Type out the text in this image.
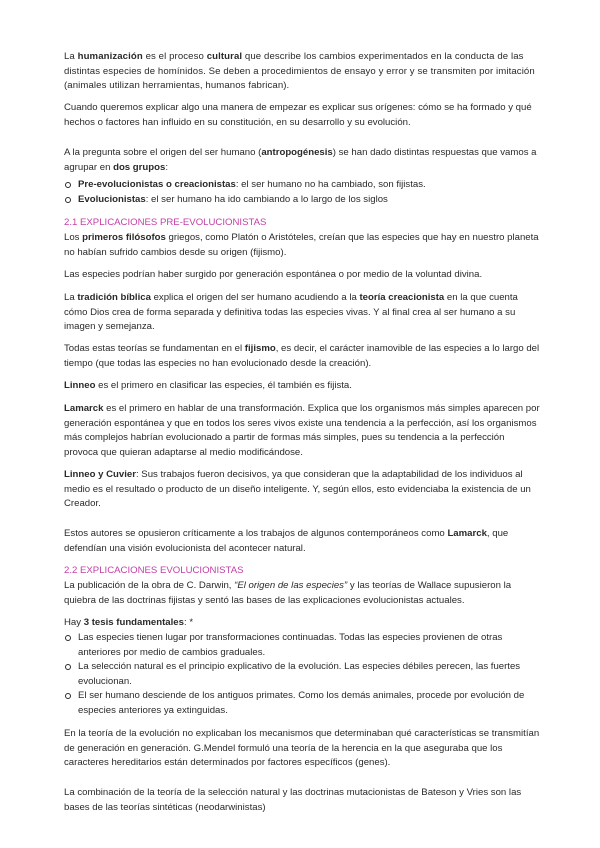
La humanización es el proceso cultural que describe los cambios experimentados en la conducta de las distintas especies de homínidos. Se deben a procedimientos de ensayo y error y se transmiten por imitación (animales utilizan herramientas, humanos fabrican).

Cuando queremos explicar algo una manera de empezar es explicar sus orígenes: cómo se ha formado y qué hechos o factores han influido en su constitución, en su desarrollo y su evolución.

A la pregunta sobre el origen del ser humano (antropogénesis) se han dado distintas respuestas que vamos a agrupar en dos grupos:

Pre-evolucionistas o creacionistas: el ser humano no ha cambiado, son fijistas.
Evolucionistas: el ser humano ha ido cambiando a lo largo de los siglos

2.1 EXPLICACIONES PRE-EVOLUCIONISTAS

Los primeros filósofos griegos, como Platón o Aristóteles, creían que las especies que hay en nuestro planeta no habían sufrido cambios desde su origen (fijismo).

Las especies podrían haber surgido por generación espontánea o por medio de la voluntad divina.

La tradición bíblica explica el origen del ser humano acudiendo a la teoría creacionista en la que cuenta cómo Dios crea de forma separada y definitiva todas las especies vivas. Y al final crea al ser humano a su imagen y semejanza.

Todas estas teorías se fundamentan en el fijismo, es decir, el carácter inamovible de las especies a lo largo del tiempo (que todas las especies no han evolucionado desde la creación).

Linneo es el primero en clasificar las especies, él también es fijista.

Lamarck es el primero en hablar de una transformación. Explica que los organismos más simples aparecen por generación espontánea y que en todos los seres vivos existe una tendencia a la perfección, así los organismos más complejos habrían evolucionado a partir de formas más simples, pues su tendencia a la perfección provoca que quieran adaptarse al medio modificándose.

Linneo y Cuvier: Sus trabajos fueron decisivos, ya que consideran que la adaptabilidad de los individuos al medio es el resultado o producto de un diseño inteligente. Y, según ellos, esto evidenciaba la existencia de un Creador.

Estos autores se opusieron críticamente a los trabajos de algunos contemporáneos como Lamarck, que defendían una visión evolucionista del acontecer natural.

2.2 EXPLICACIONES EVOLUCIONISTAS

La publicación de la obra de C. Darwin, “El origen de las especies” y las teorías de Wallace supusieron la quiebra de las doctrinas fijistas y sentó las bases de las explicaciones evolucionistas actuales.

Hay 3 tesis fundamentales: *

Las especies tienen lugar por transformaciones continuadas. Todas las especies provienen de otras anteriores por medio de cambios graduales.
La selección natural es el principio explicativo de la evolución. Las especies débiles perecen, las fuertes evolucionan.
El ser humano desciende de los antiguos primates. Como los demás animales, procede por evolución de especies anteriores ya extinguidas.

En la teoría de la evolución no explicaban los mecanismos que determinaban qué características se transmitían de generación en generación. G.Mendel formuló una teoría de la herencia en la que aseguraba que los caracteres hereditarios están determinados por factores específicos (genes).

La combinación de la teoría de la selección natural y las doctrinas mutacionistas de Bateson y Vries son las bases de las teorías sintéticas (neodarwinistas)
